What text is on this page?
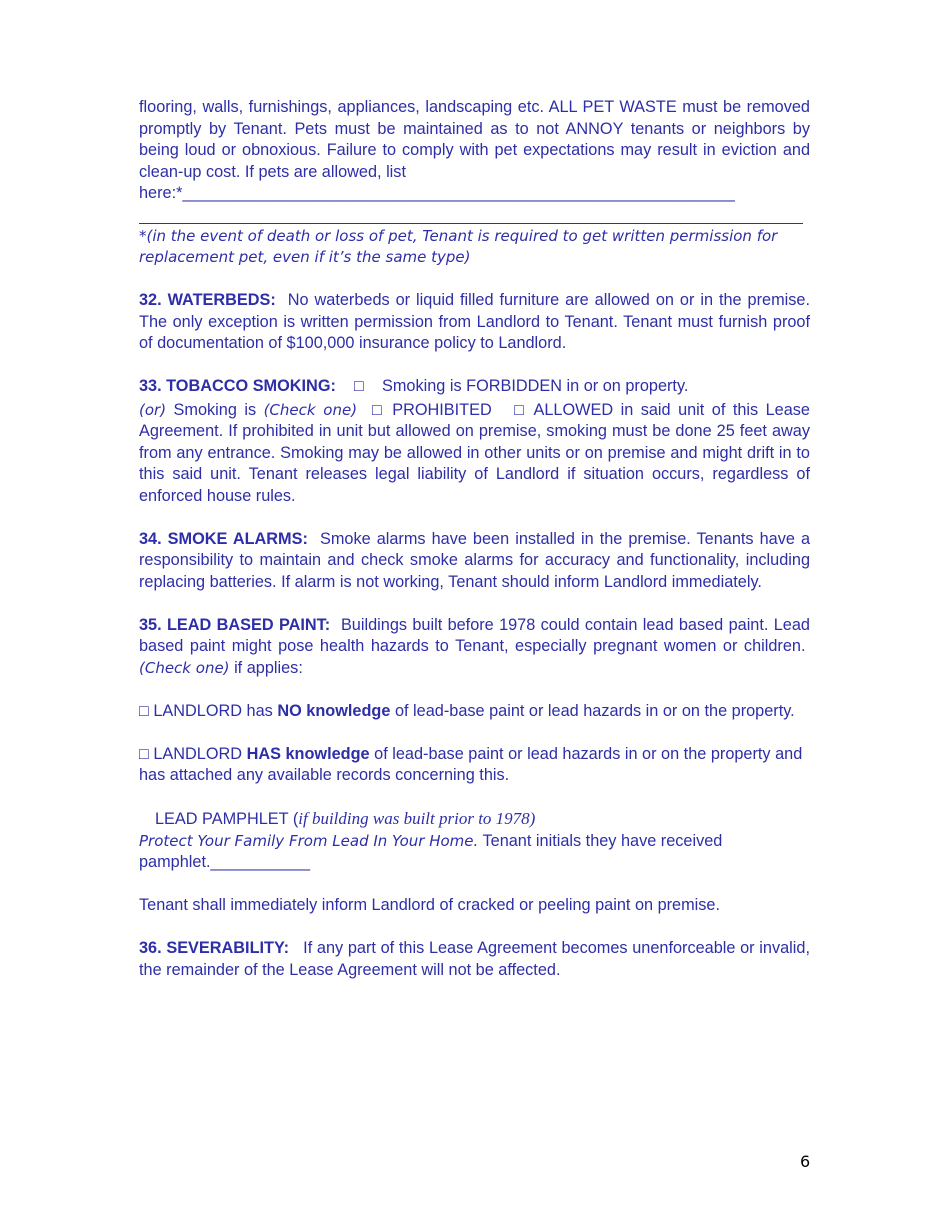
flooring, walls, furnishings, appliances, landscaping etc. ALL PET WASTE must be removed promptly by Tenant. Pets must be maintained as to not ANNOY tenants or neighbors by being loud or obnoxious. Failure to comply with pet expectations may result in eviction and clean-up cost. If pets are allowed, list

here:*_____________________________________________________________

*(in the event of death or loss of pet, Tenant is required to get written permission for replacement pet, even if it’s the same type)

32. WATERBEDS: No waterbeds or liquid filled furniture are allowed on or in the premise. The only exception is written permission from Landlord to Tenant. Tenant must furnish proof of documentation of $100,000 insurance policy to Landlord.

33. TOBACCO SMOKING: □ Smoking is FORBIDDEN in or on property.

(or) Smoking is (Check one) □ PROHIBITED □ ALLOWED in said unit of this Lease Agreement. If prohibited in unit but allowed on premise, smoking must be done 25 feet away from any entrance. Smoking may be allowed in other units or on premise and might drift in to this said unit. Tenant releases legal liability of Landlord if situation occurs, regardless of enforced house rules.

34. SMOKE ALARMS: Smoke alarms have been installed in the premise. Tenants have a responsibility to maintain and check smoke alarms for accuracy and functionality, including replacing batteries. If alarm is not working, Tenant should inform Landlord immediately.

35. LEAD BASED PAINT: Buildings built before 1978 could contain lead based paint. Lead based paint might pose health hazards to Tenant, especially pregnant women or children.  (Check one) if applies:

□ LANDLORD has NO knowledge of lead-base paint or lead hazards in or on the property.

□ LANDLORD HAS knowledge of lead-base paint or lead hazards in or on the property and has attached any available records concerning this.

LEAD PAMPHLET (if building was built prior to 1978)

Protect Your Family From Lead In Your Home. Tenant initials they have received

pamphlet.___________

Tenant shall immediately inform Landlord of cracked or peeling paint on premise.

36. SEVERABILITY: If any part of this Lease Agreement becomes unenforceable or invalid, the remainder of the Lease Agreement will not be affected.

6
